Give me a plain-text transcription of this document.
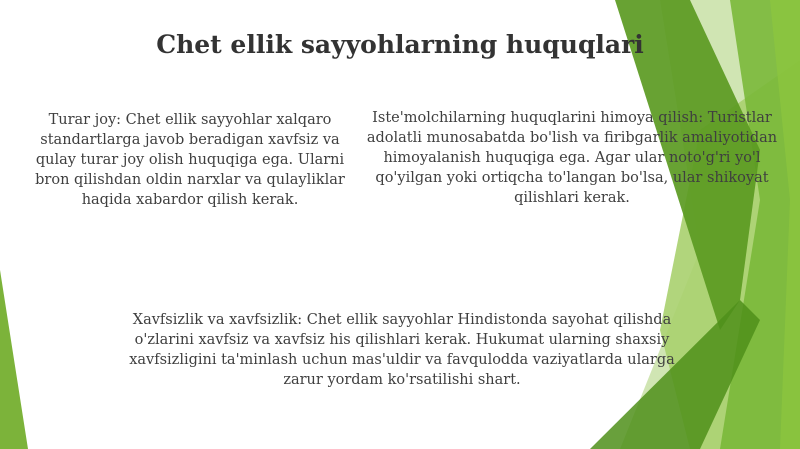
Chet ellik sayyohlarning huquqlari
Turar joy: Chet ellik sayyohlar xalqaro standartlarga javob beradigan xavfsiz va qulay turar joy olish huquqiga ega. Ularni bron qilishdan oldin narxlar va qulayliklar haqida xabardor qilish kerak.
Iste'molchilarning huquqlarini himoya qilish: Turistlar adolatli munosabatda bo'lish va firibgarlik amaliyotidan himoyalanish huquqiga ega. Agar ular noto'g'ri yo'l qo'yilgan yoki ortiqcha to'langan bo'lsa, ular shikoyat qilishlari kerak.
Xavfsizlik va xavfsizlik: Chet ellik sayyohlar Hindistonda sayohat qilishda o'zlarini xavfsiz va xavfsiz his qilishlari kerak. Hukumat ularning shaxsiy xavfsizligini ta'minlash uchun mas'uldir va favqulodda vaziyatlarda ularga zarur yordam ko'rsatilishi shart.
